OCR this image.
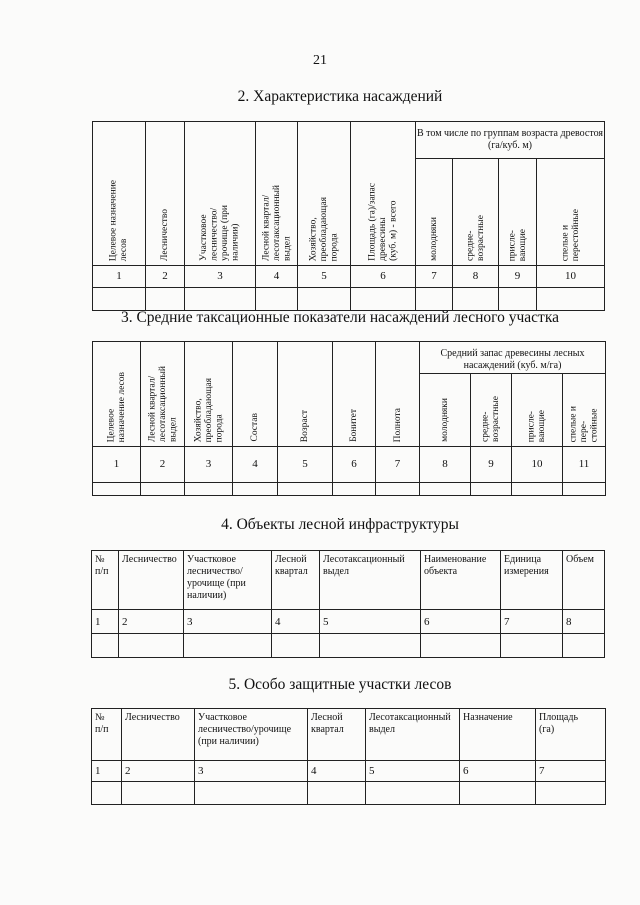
21
2. Характеристика насаждений
Целевое назначение
лесов	Лесничество	Участковое
лесничество/
урочище (при
наличии)	Лесной квартал/
лесотаксационный
выдел	Хозяйство,
преобладающая
порода	Площадь (га)/запас
древесины
(куб. м) - всего	В том числе по группам возраста древостоя (га/куб. м)			

						молодняки	средне-
возрастные	присле-
вающие	спелые и
перестойные

1	2	3	4	5	6	7	8	9	10

3. Средние таксационные показатели насаждений лесного участка
Целевое
назначение лесов	Лесной квартал/
лесотаксационный
выдел	Хозяйство,
преобладающая
порода	Состав	Возраст	Бонитет	Полнота	Средний запас древесины лесных насаждений (куб. м/га)			

							молодняки	средне-
возрастные	присле-
вающие	спелые и
пере-
стойные

1	2	3	4	5	6	7	8	9	10	11

4. Объекты лесной инфраструктуры
№
п/п	Лесничество	Участковое
лесничество/
урочище (при
наличии)	Лесной
квартал	Лесотаксационный
выдел	Наименование
объекта	Единица
измерения	Объем
1	2	3	4	5	6	7	8

5. Особо защитные участки лесов
№
п/п	Лесничество	Участковое
лесничество/урочище
(при наличии)	Лесной
квартал	Лесотаксационный
выдел	Назначение	Площадь
(га)
1	2	3	4	5	6	7
